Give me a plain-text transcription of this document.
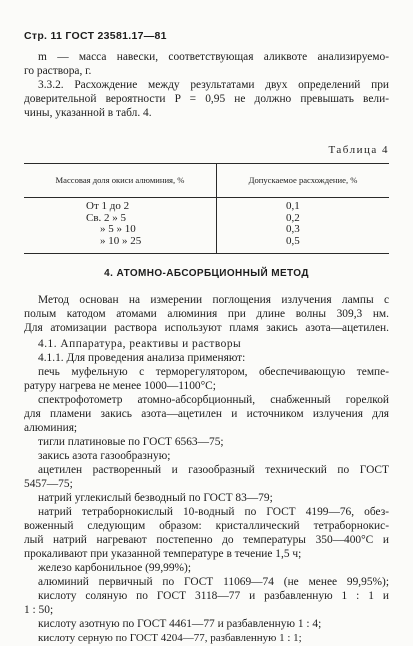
Стр. 11 ГОСТ 23581.17—81
m — масса навески, соответствующая аликвоте анализируемо-
го раствора, г.
3.3.2. Расхождение между результатами двух определений при
доверительной вероятности P = 0,95 не должно превышать вели-
чины, указанной в табл. 4.
Таблица 4
Массовая доля окиси алюминия, %	Допускаемое расхождение, %
От 1 до 2	0,1
Св. 2 » 5	0,2
» 5 » 10	0,3
» 10 » 25	0,5
4. АТОМНО-АБСОРБЦИОННЫЙ МЕТОД
Метод основан на измерении поглощения излучения лампы с
полым катодом атомами алюминия при длине волны 309,3 нм.
Для атомизации раствора используют пламя закись азота—ацетилен.
4.1. Аппаратура, реактивы и растворы
4.1.1. Для проведения анализа применяют:
печь муфельную с терморегулятором, обеспечивающую темпе-
ратуру нагрева не менее 1000—1100°С;
спектрофотометр атомно-абсорбционный, снабженный горелкой
для пламени закись азота—ацетилен и источником излучения для
алюминия;
тигли платиновые по ГОСТ 6563—75;
закись азота газообразную;
ацетилен растворенный и газообразный технический по ГОСТ
5457—75;
натрий углекислый безводный по ГОСТ 83—79;
натрий тетраборнокислый 10-водный по ГОСТ 4199—76, обез-
воженный следующим образом: кристаллический тетраборнокис-
лый натрий нагревают постепенно до температуры 350—400°С и
прокаливают при указанной температуре в течение 1,5 ч;
железо карбонильное (99,99%);
алюминий первичный по ГОСТ 11069—74 (не менее 99,95%);
кислоту соляную по ГОСТ 3118—77 и разбавленную 1 : 1 и
1 : 50;
кислоту азотную по ГОСТ 4461—77 и разбавленную 1 : 4;
кислоту серную по ГОСТ 4204—77, разбавленную 1 : 1;
